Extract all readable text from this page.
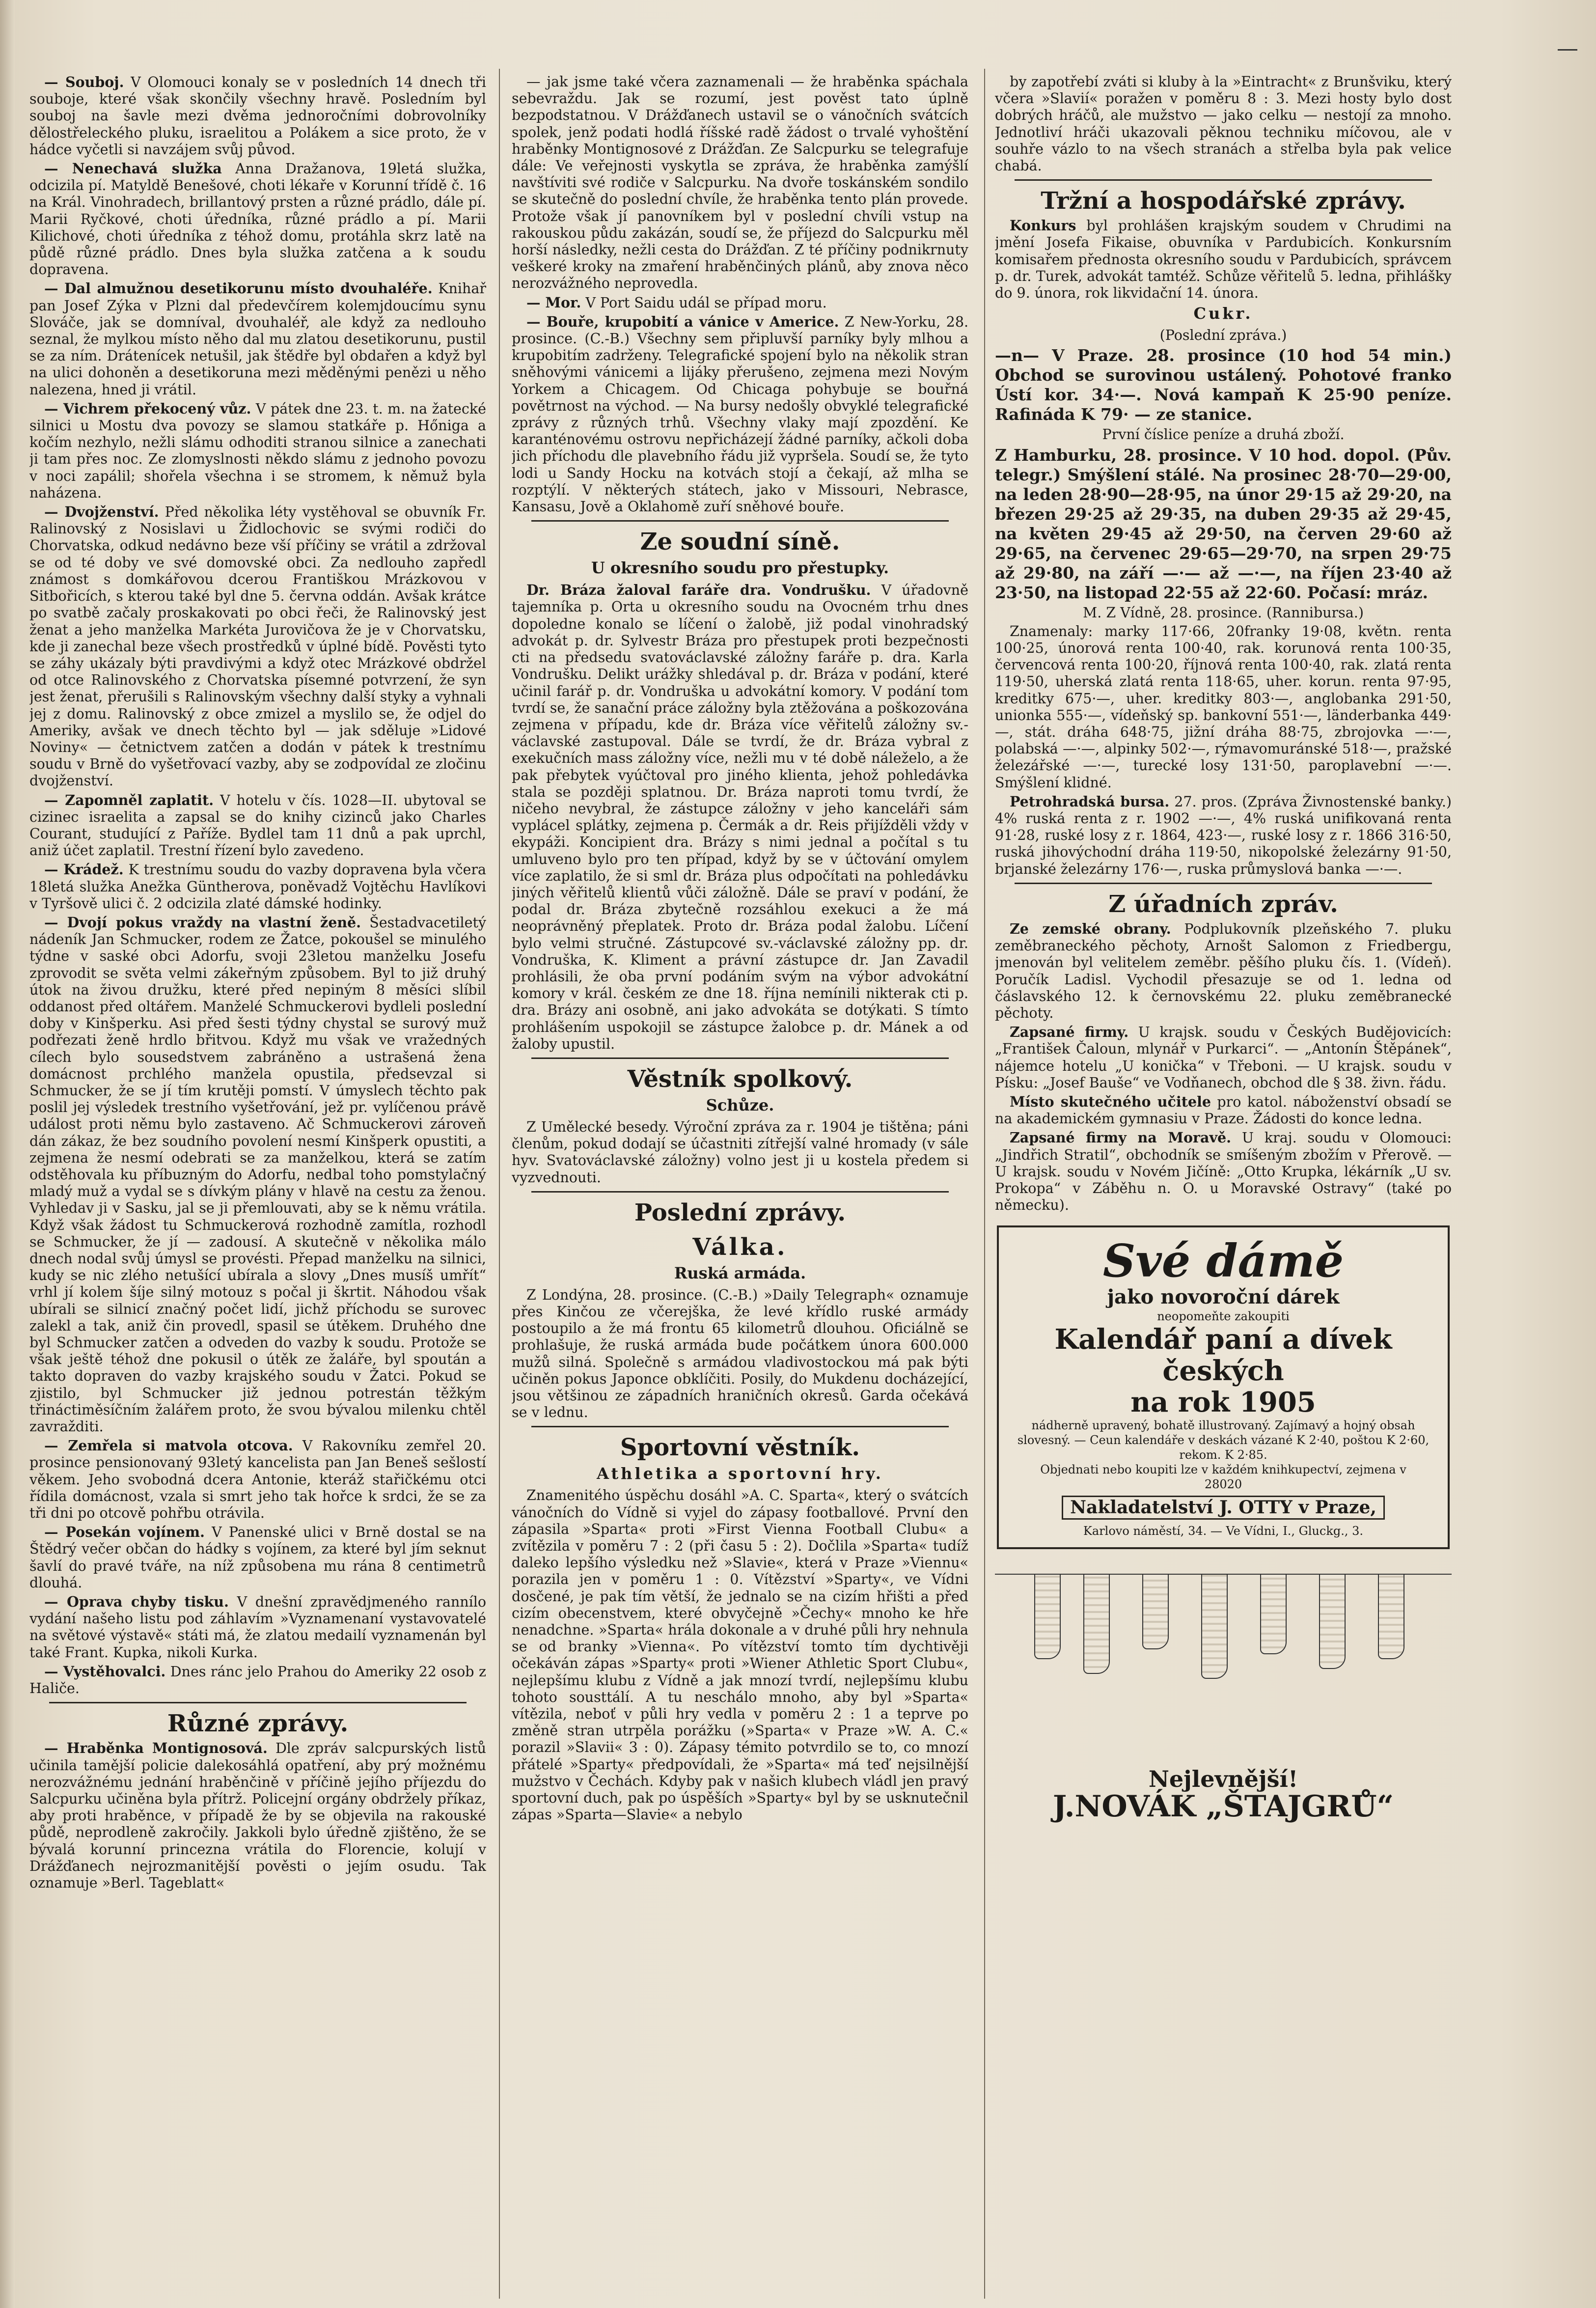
— Souboj. V Olomouci konaly se v posledních 14 dnech tři souboje, které však skončily všechny hravě. Posledním byl souboj na šavle mezi dvěma jednoročními dobrovolníky dělostřeleckého pluku, israelitou a Polákem a sice proto, že v hádce vyčetli si navzájem svůj původ.

— Nenechavá služka Anna Dražanova, 19letá služka, odcizila pí. Matyldě Benešové, choti lékaře v Korunní třídě č. 16 na Král. Vinohradech, brillantový prsten a různé prádlo, dále pí. Marii Ryčkové, choti úředníka, různé prádlo a pí. Marii Kilichové, choti úředníka z téhož domu, protáhla skrz latě na půdě různé prádlo. Dnes byla služka zatčena a k soudu dopravena.

— Dal almužnou desetikorunu místo dvouhaléře. Knihař pan Josef Zýka v Plzni dal předevčírem kolemjdoucímu synu Slováče, jak se domníval, dvouhaléř, ale když za nedlouho seznal, že mylkou místo něho dal mu zlatou desetikorunu, pustil se za ním. Drátenícek netušil, jak štědře byl obdařen a když byl na ulici dohoněn a desetikoruna mezi měděnými penězi u něho nalezena, hned ji vrátil.

— Vichrem překocený vůz. V pátek dne 23. t. m. na žatecké silnici u Mostu dva povozy se slamou statkáře p. Hőniga a kočím nezhylo, nežli slámu odhoditi stranou silnice a zanechati ji tam přes noc. Ze zlomyslnosti někdo slámu z jednoho povozu v noci zapálil; shořela všechna i se stromem, k němuž byla naházena.

— Dvojženství. Před několika léty vystěhoval se obuvník Fr. Ralinovský z Nosislavi u Židlochovic se svými rodiči do Chorvatska, odkud nedávno beze vší příčiny se vrátil a zdržoval se od té doby ve své domovské obci. Za nedlouho zapředl známost s domkářovou dcerou Františkou Mrázkovou v Sitbořicích, s kterou také byl dne 5. června oddán. Avšak krátce po svatbě začaly proskakovati po obci řeči, že Ralinovský jest ženat a jeho manželka Markéta Jurovičova že je v Chorvatsku, kde ji zanechal beze všech prostředků v úplné bídě. Pověsti tyto se záhy ukázaly býti pravdivými a když otec Mrázkové obdržel od otce Ralinovského z Chorvatska písemné potvrzení, že syn jest ženat, přerušili s Ralinovským všechny další styky a vyhnali jej z domu. Ralinovský z obce zmizel a myslilo se, že odjel do Ameriky, avšak ve dnech těchto byl — jak sděluje »Lidové Noviny« — četnictvem zatčen a dodán v pátek k trestnímu soudu v Brně do vyšetřovací vazby, aby se zodpovídal ze zločinu dvojženství.

— Zapomněl zaplatit. V hotelu v čís. 1028—II. ubytoval se cizinec israelita a zapsal se do knihy cizinců jako Charles Courant, studující z Paříže. Bydlel tam 11 dnů a pak uprchl, aniž účet zaplatil. Trestní řízení bylo zavedeno.

— Krádež. K trestnímu soudu do vazby dopravena byla včera 18letá služka Anežka Güntherova, poněvadž Vojtěchu Havlíkovi v Tyršově ulici č. 2 odcizila zlaté dámské hodinky.

— Dvojí pokus vraždy na vlastní ženě. Šestadvacetiletý nádeník Jan Schmucker, rodem ze Žatce, pokoušel se minulého týdne v saské obci Adorfu, svoji 23letou manželku Josefu zprovodit se světa velmi zákeřným způsobem. Byl to již druhý útok na živou družku, které před nepiným 8 měsíci slíbil oddanost před oltářem. Manželé Schmuckerovi bydleli poslední doby v Kinšperku. Asi před šesti týdny chystal se surový muž podřezati ženě hrdlo břitvou. Když mu však ve vražedných cílech bylo sousedstvem zabráněno a ustrašená žena domácnost prchlého manžela opustila, předsevzal si Schmucker, že se jí tím krutěji pomstí. V úmyslech těchto pak poslil jej výsledek trestního vyšetřování, jež pr. vylíčenou právě událost proti němu bylo zastaveno. Ač Schmuckerovi zároveň dán zákaz, že bez soudního povolení nesmí Kinšperk opustiti, a zejmena že nesmí odebrati se za manželkou, která se zatím odstěhovala ku příbuzným do Adorfu, nedbal toho pomstylačný mladý muž a vydal se s dívkým plány v hlavě na cestu za ženou. Vyhledav ji v Sasku, jal se ji přemlouvati, aby se k němu vrátila. Když však žádost tu Schmuckerová rozhodně zamítla, rozhodl se Schmucker, že jí — zadousí. A skutečně v několika málo dnech nodal svůj úmysl se provésti. Přepad manželku na silnici, kudy se nic zlého netušící ubírala a slovy „Dnes musíš umřít“ vrhl jí kolem šíje silný motouz s počal ji škrtit. Náhodou však ubírali se silnicí značný počet lidí, jichž příchodu se surovec zalekl a tak, aniž čin provedl, spasil se útěkem. Druhého dne byl Schmucker zatčen a odveden do vazby k soudu. Protože se však ještě téhož dne pokusil o útěk ze žaláře, byl spoután a takto dopraven do vazby krajského soudu v Žatci. Pokud se zjistilo, byl Schmucker již jednou potrestán těžkým třináctiměsíčním žalářem proto, že svou bývalou milenku chtěl zavražditi.

— Zemřela si matvola otcova. V Rakovníku zemřel 20. prosince pensionovaný 93letý kancelista pan Jan Beneš sešlostí věkem. Jeho svobodná dcera Antonie, kteráž stařičkému otci řídila domácnost, vzala si smrt jeho tak hořce k srdci, že se za tři dni po otcově pohřbu otrávila.

— Posekán vojínem. V Panenské ulici v Brně dostal se na Štědrý večer občan do hádky s vojínem, za které byl jím seknut šavlí do pravé tváře, na níž způsobena mu rána 8 centimetrů dlouhá.

— Oprava chyby tisku. V dnešní zpravědjmeného rannílo vydání našeho listu pod záhlavím »Vyznamenaní vystavovatelé na světové výstavě« státi má, že zlatou medailí vyznamenán byl také Frant. Kupka, nikoli Kurka.

— Vystěhovalci. Dnes ránc jelo Prahou do Ameriky 22 osob z Haliče.

Různé zprávy.

— Hraběnka Montignosová. Dle zpráv salcpurských listů učinila tamější policie dalekosáhlá opatření, aby prý možnému nerozvážnému jednání hraběnčině v příčině jejího příjezdu do Salcpurku učiněna byla přítrž. Policejní orgány obdržely příkaz, aby proti hraběnce, v případě že by se objevila na rakouské půdě, neprodleně zakročily. Jakkoli bylo úředně zjištěno, že se bývalá korunní princezna vrátila do Florencie, kolují v Drážďanech nejrozmanitější pověsti o jejím osudu. Tak oznamuje »Berl. Tageblatt«

— jak jsme také včera zaznamenali — že hraběnka spáchala sebevraždu. Jak se rozumí, jest pověst tato úplně bezpodstatnou. V Drážďanech ustavil se o vánočních svátcích spolek, jenž podati hodlá říšské radě žádost o trvalé vyhoštění hraběnky Montignosové z Drážďan. Ze Salcpurku se telegrafuje dále: Ve veřejnosti vyskytla se zpráva, že hraběnka zamýšlí navštíviti své rodiče v Salcpurku. Na dvoře toskánském sondilo se skutečně do poslední chvíle, že hraběnka tento plán provede. Protože však jí panovníkem byl v poslední chvíli vstup na rakouskou půdu zakázán, soudí se, že příjezd do Salcpurku měl horší následky, nežli cesta do Drážďan. Z té příčiny podnikrnuty veškeré kroky na zmaření hraběnčiných plánů, aby znova něco nerozvážného neprovedla.

— Mor. V Port Saidu udál se případ moru.

— Bouře, krupobití a vánice v Americe. Z New-Yorku, 28. prosince. (C.-B.) Všechny sem připluvší parníky byly mlhou a krupobitím zadrženy. Telegrafické spojení bylo na několik stran sněhovými vánicemi a lijáky přerušeno, zejmena mezi Novým Yorkem a Chicagem. Od Chicaga pohybuje se bouřná povětrnost na východ. — Na bursy nedošly obvyklé telegrafické zprávy z různých trhů. Všechny vlaky mají zpozdění. Ke karanténovému ostrovu nepřicházejí žádné parníky, ačkoli doba jich příchodu dle plavebního řádu již vypršela. Soudí se, že tyto lodi u Sandy Hocku na kotvách stojí a čekají, až mlha se rozptýlí. V některých státech, jako v Missouri, Nebrasce, Kansasu, Jově a Oklahomě zuří sněhové bouře.

Ze soudní síně.
U okresního soudu pro přestupky.

Dr. Bráza žaloval faráře dra. Vondrušku. V úřadovně tajemníka p. Orta u okresního soudu na Ovocném trhu dnes dopoledne konalo se líčení o žalobě, již podal vinohradský advokát p. dr. Sylvestr Bráza pro přestupek proti bezpečnosti cti na předsedu svatováclavské záložny faráře p. dra. Karla Vondrušku. Delikt urážky shledával p. dr. Bráza v podání, které učinil farář p. dr. Vondruška u advokátní komory. V podání tom tvrdí se, že sanační práce záložny byla ztěžována a poškozována zejmena v případu, kde dr. Bráza více věřitelů záložny sv.-václavské zastupoval. Dále se tvrdí, že dr. Bráza vybral z exekučních mass záložny více, nežli mu v té době náleželo, a že pak přebytek vyúčtoval pro jiného klienta, jehož pohledávka stala se později splatnou. Dr. Bráza naproti tomu tvrdí, že ničeho nevybral, že zástupce záložny v jeho kanceláři sám vyplácel splátky, zejmena p. Čermák a dr. Reis přijížděli vždy v ekypáži. Koncipient dra. Brázy s nimi jednal a počítal s tu umluveno bylo pro ten případ, když by se v účtování omylem více zaplatilo, že si sml dr. Bráza plus odpočítati na pohledávku jiných věřitelů klientů vůči záložně. Dále se praví v podání, že podal dr. Bráza zbytečně rozsáhlou exekuci a že má neoprávněný přeplatek. Proto dr. Bráza podal žalobu. Líčení bylo velmi stručné. Zástupcové sv.-václavské záložny pp. dr. Vondruška, K. Kliment a právní zástupce dr. Jan Zavadil prohlásili, že oba první podáním svým na výbor advokátní komory v král. českém ze dne 18. října nemínili nikterak cti p. dra. Brázy ani osobně, ani jako advokáta se dotýkati. S tímto prohlášením uspokojil se zástupce žalobce p. dr. Mánek a od žaloby upustil.

Věstník spolkový.
Schůze.

Z Umělecké besedy. Výroční zpráva za r. 1904 je tištěna; páni členům, pokud dodají se účastniti zítřejší valné hromady (v sále hyv. Svatováclavské záložny) volno jest ji u kostela předem si vyzvednouti.

Poslední zprávy.
Válka.
Ruská armáda.

Z Londýna, 28. prosince. (C.-B.) »Daily Telegraph« oznamuje přes Kinčou ze včerejška, že levé křídlo ruské armády postoupilo a že má frontu 65 kilometrů dlouhou. Oficiálně se prohlašuje, že ruská armáda bude počátkem února 600.000 mužů silná. Společně s armádou vladivostockou má pak býti učiněn pokus Japonce obklíčiti. Posily, do Mukdenu docházející, jsou většinou ze západních hraničních okresů. Garda očekává se v lednu.

Sportovní věstník.
Athletika a sportovní hry.

Znamenitého úspěchu dosáhl »A. C. Sparta«, který o svátcích vánočních do Vídně si vyjel do zápasy footballové. První den zápasila »Sparta« proti »First Vienna Football Clubu« a zvítězila v poměru 7 : 2 (při času 5 : 2). Dočlila »Sparta« tudíž daleko lepšího výsledku než »Slavie«, která v Praze »Viennu« porazila jen v poměru 1 : 0. Vítězství »Sparty«, ve Vídni dosčené, je pak tím větší, že jednalo se na cizím hřišti a před cizím obecenstvem, které obvyčejně »Čechy« mnoho ke hře nenadchne. »Sparta« hrála dokonale a v druhé půli hry nehnula se od branky »Vienna«. Po vítězství tomto tím dychtivěji očekáván zápas »Sparty« proti »Wiener Athletic Sport Clubu«, nejlepšímu klubu z Vídně a jak mnozí tvrdí, nejlepšímu klubu tohoto sousttálí. A tu neschálo mnoho, aby byl »Sparta« vítězila, neboť v půli hry vedla v poměru 2 : 1 a teprve po změně stran utrpěla porážku (»Sparta« v Praze »W. A. C.« porazil »Slavii« 3 : 0). Zápasy témito potvrdilo se to, co mnozí přátelé »Sparty« předpovídali, že »Sparta« má teď nejsilnější mužstvo v Čechách. Kdyby pak v našich klubech vládl jen pravý sportovní duch, pak po úspěších »Sparty« byl by se usknutečnil zápas »Sparta—Slavie« a nebylo

by zapotřebí zváti si kluby à la »Eintracht« z Brunšviku, který včera »Slavií« poražen v poměru 8 : 3. Mezi hosty bylo dost dobrých hráčů, ale mužstvo — jako celku — nestojí za mnoho. Jednotliví hráči ukazovali pěknou techniku míčovou, ale v souhře vázlo to na všech stranách a střelba byla pak velice chabá.

Tržní a hospodářské zprávy.

Konkurs byl prohlášen krajským soudem v Chrudimi na jmění Josefa Fikaise, obuvníka v Pardubicích. Konkursním komisařem přednosta okresního soudu v Pardubicích, správcem p. dr. Turek, advokát tamtéž. Schůze věřitelů 5. ledna, přihlášky do 9. února, rok likvidační 14. února.

Cukr.

(Poslední zpráva.)

—n— V Praze. 28. prosince (10 hod 54 min.) Obchod se surovinou ustálený. Pohotové franko Ústí kor. 34·—. Nová kampaň K 25·90 peníze. Rafináda K 79· — ze stanice.

První číslice peníze a druhá zboží.

Z Hamburku, 28. prosince. V 10 hod. dopol. (Pův. telegr.) Smýšlení stálé. Na prosinec 28·70—29·00, na leden 28·90—28·95, na únor 29·15 až 29·20, na březen 29·25 až 29·35, na duben 29·35 až 29·45, na květen 29·45 až 29·50, na červen 29·60 až 29·65, na červenec 29·65—29·70, na srpen 29·75 až 29·80, na září —·— až —·—, na říjen 23·40 až 23·50, na listopad 22·55 až 22·60. Počasí: mráz.

M. Z Vídně, 28. prosince. (Rannibursa.)

Znamenaly: marky 117·66, 20franky 19·08, květn. renta 100·25, únorová renta 100·40, rak. korunová renta 100·35, červencová renta 100·20, říjnová renta 100·40, rak. zlatá renta 119·50, uherská zlatá renta 118·65, uher. korun. renta 97·95, kreditky 675·—, uher. kreditky 803·—, anglobanka 291·50, unionka 555·—, vídeňský sp. bankovní 551·—, länderbanka 449·—, stát. dráha 648·75, jižní dráha 88·75, zbrojovka —·—, polabská —·—, alpinky 502·—, rýmavomuránské 518·—, pražské železářské —·—, turecké losy 131·50, paroplavební —·—. Smýšlení klidné.

Petrohradská bursa. 27. pros. (Zpráva Živnostenské banky.) 4% ruská renta z r. 1902 —·—, 4% ruská unifikovaná renta 91·28, ruské losy z r. 1864, 423·—, ruské losy z r. 1866 316·50, ruská jihovýchodní dráha 119·50, nikopolské železárny 91·50, brjanské železárny 176·—, ruska průmyslová banka —·—.

Z úřadních zpráv.

Ze zemské obrany. Podplukovník plzeňského 7. pluku zeměbraneckého pěchoty, Arnošt Salomon z Friedbergu, jmenován byl velitelem zeměbr. pěšího pluku čís. 1. (Vídeň). Poručík Ladisl. Vychodil přesazuje se od 1. ledna od čáslavského 12. k černovskému 22. pluku zeměbranecké pěchoty.

Zapsané firmy. U krajsk. soudu v Českých Budějovicích: „František Čaloun, mlynář v Purkarci“. — „Antonín Štěpánek“, nájemce hotelu „U konička“ v Třeboni. — U krajsk. soudu v Písku: „Josef Bauše“ ve Vodňanech, obchod dle § 38. živn. řádu.

Místo skutečného učitele pro katol. náboženství obsadí se na akademickém gymnasiu v Praze. Žádosti do konce ledna.

Zapsané firmy na Moravě. U kraj. soudu v Olomouci: „Jindřich Stratil“, obchodník se smíšeným zbožím v Přerově. — U krajsk. soudu v Novém Jičíně: „Otto Krupka, lékárník „U sv. Prokopa“ v Záběhu n. O. u Moravské Ostravy“ (také po německu).

Své dámě
jako novoroční dárek
neopomeňte zakoupiti
Kalendář paní a dívek českých
na rok 1905
nádherně upravený, bohatě illustrovaný. Zajímavý a hojný obsah slovesný. — Ceun kalendáře v deskách vázané K 2·40, poštou K 2·60, rekom. K 2·85.
Objednati nebo koupiti lze v každém knihkupectví, zejmena v
28020
Nakladatelství J. OTTY v Praze,
Karlovo náměstí, 34. — Ve Vídni, I., Gluckg., 3.
Nejlevnější!
J.NOVÁK „ŠTAJGRŮ“
